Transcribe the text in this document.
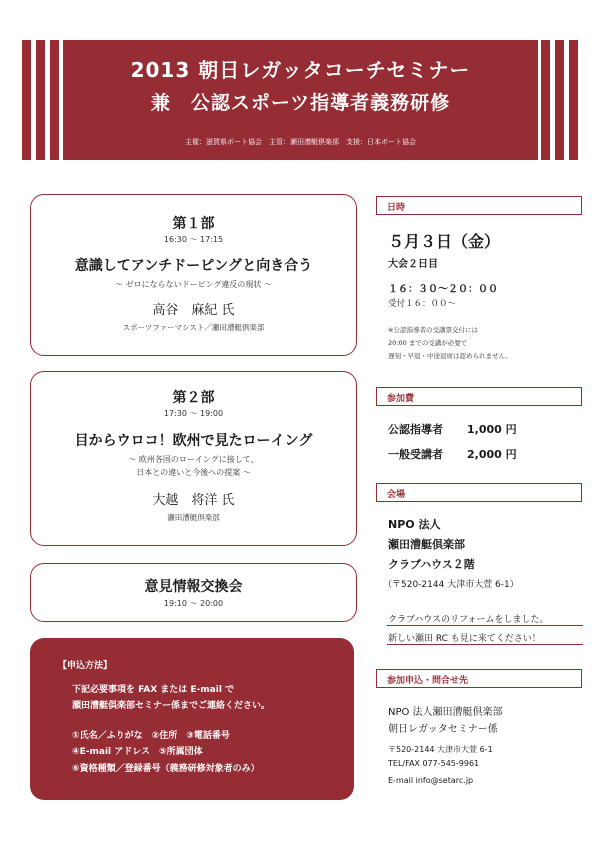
2013 朝日レガッタコーチセミナー
兼　公認スポーツ指導者義務研修
主催：滋賀県ボート協会　主管：瀬田漕艇倶楽部　支援：日本ボート協会
第１部
16:30 〜 17:15
意識してアンチドーピングと向き合う
〜 ゼロにならないドーピング違反の現状 〜
高谷　麻紀 氏
スポーツファーマシスト／瀬田漕艇倶楽部
第２部
17:30 〜 19:00
目からウロコ！欧州で見たローイング
〜 欧州各国のローイングに接して、
日本との違いと今後への提案 〜
大越　将洋 氏
瀬田漕艇倶楽部
意見情報交換会
19:10 〜 20:00
【申込方法】
下記必要事項を FAX または E-mail で
瀬田漕艇倶楽部セミナー係までご連絡ください。
①氏名／ふりがな　②住所　③電話番号
④E-mail アドレス　⑤所属団体
⑥資格種類／登録番号（義務研修対象者のみ）
日時
５月３日（金）
大会２日目
１６：３０〜２０：００
受付１６：００〜
※公認指導者の受講票交付には
20:00 までの受講が必要で
遅刻・早退・中途退席は認められません。
参加費
公認指導者 1,000 円
一般受講者 2,000 円
会場
NPO 法人
瀬田漕艇倶楽部
クラブハウス２階
（〒520-2144 大津市大萱 6-1）
クラブハウスのリフォームをしました。
新しい瀬田 RC も見に来てください！
参加申込・問合せ先
NPO 法人瀬田漕艇倶楽部
朝日レガッタセミナー係
〒520-2144 大津市大萱 6-1
TEL/FAX 077-545-9961
E-mail info@setarc.jp
